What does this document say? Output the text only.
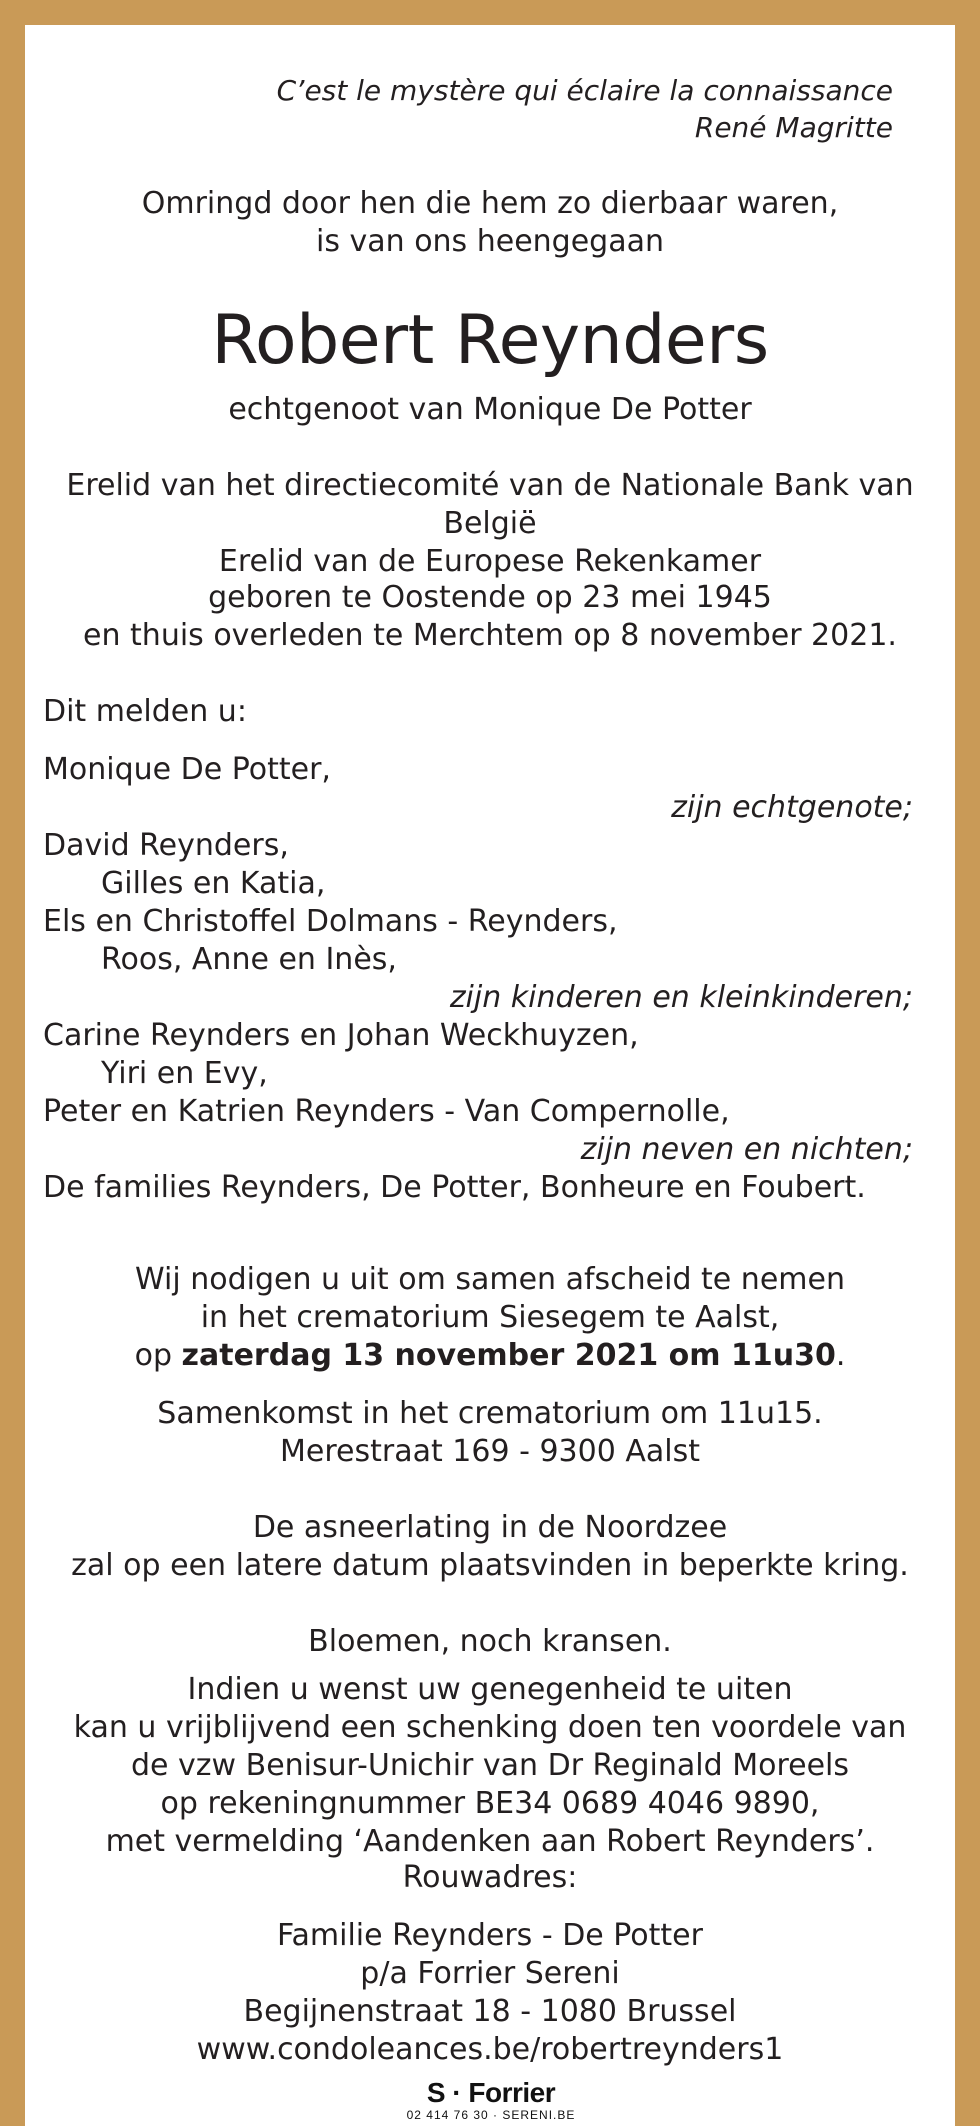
C’est le mystère qui éclaire la connaissance
René Magritte
Omringd door hen die hem zo dierbaar waren,
is van ons heengegaan
Robert Reynders
echtgenoot van Monique De Potter
Erelid van het directiecomité van de Nationale Bank van België
Erelid van de Europese Rekenkamer
geboren te Oostende op 23 mei 1945
en thuis overleden te Merchtem op 8 november 2021.
Dit melden u:
Monique De Potter,
zijn echtgenote;
David Reynders,
Gilles en Katia,
Els en Christoffel Dolmans - Reynders,
Roos, Anne en Inès,
zijn kinderen en kleinkinderen;
Carine Reynders en Johan Weckhuyzen,
Yiri en Evy,
Peter en Katrien Reynders - Van Compernolle,
zijn neven en nichten;
De families Reynders, De Potter, Bonheure en Foubert.
Wij nodigen u uit om samen afscheid te nemen
in het crematorium Siesegem te Aalst,
op zaterdag 13 november 2021 om 11u30.
Samenkomst in het crematorium om 11u15.
Merestraat 169 - 9300 Aalst
De asneerlating in de Noordzee
zal op een latere datum plaatsvinden in beperkte kring.
Bloemen, noch kransen.
Indien u wenst uw genegenheid te uiten
kan u vrijblijvend een schenking doen ten voordele van
de vzw Benisur-Unichir van Dr Reginald Moreels
op rekeningnummer BE34 0689 4046 9890,
met vermelding ‘Aandenken aan Robert Reynders’.
Rouwadres:
Familie Reynders - De Potter
p/a Forrier Sereni
Begijnenstraat 18 - 1080 Brussel
www.condoleances.be/robertreynders1
S · Forrier
02 414 76 30 · SERENI.BE
